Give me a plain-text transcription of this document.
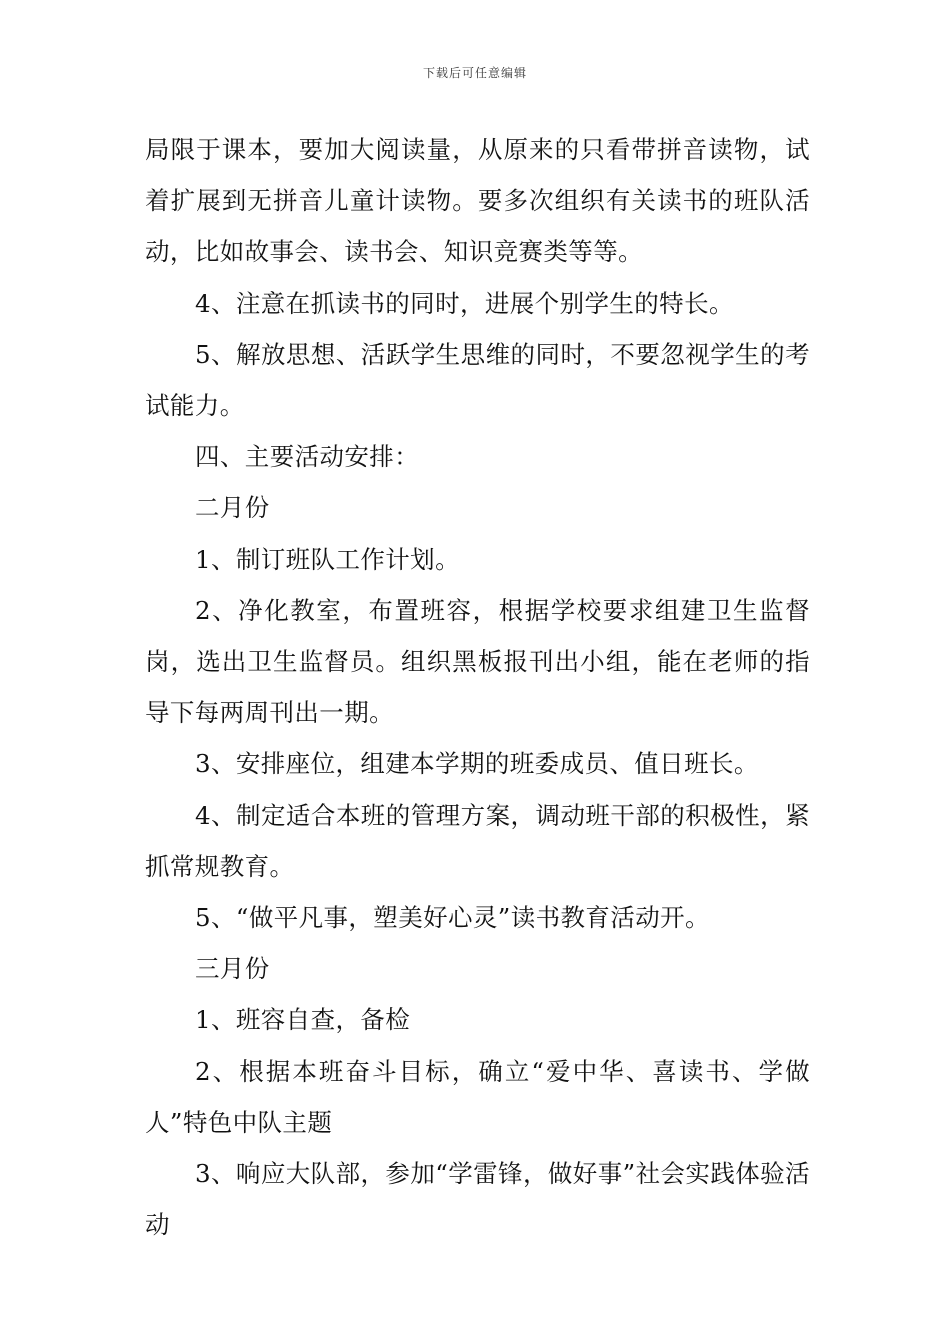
下载后可任意编辑

局限于课本，要加大阅读量，从原来的只看带拼音读物，试着扩展到无拼音儿童计读物。要多次组织有关读书的班队活动，比如故事会、读书会、知识竞赛类等等。

4、注意在抓读书的同时，进展个别学生的特长。

5、解放思想、活跃学生思维的同时，不要忽视学生的考试能力。

四、主要活动安排：

二月份

1、制订班队工作计划。

2、净化教室，布置班容，根据学校要求组建卫生监督岗，选出卫生监督员。组织黑板报刊出小组，能在老师的指导下每两周刊出一期。

3、安排座位，组建本学期的班委成员、值日班长。

4、制定适合本班的管理方案，调动班干部的积极性，紧抓常规教育。

5、“做平凡事，塑美好心灵”读书教育活动开。

三月份

1、班容自查，备检

2、根据本班奋斗目标，确立“爱中华、喜读书、学做人”特色中队主题

3、响应大队部，参加“学雷锋，做好事”社会实践体验活动
